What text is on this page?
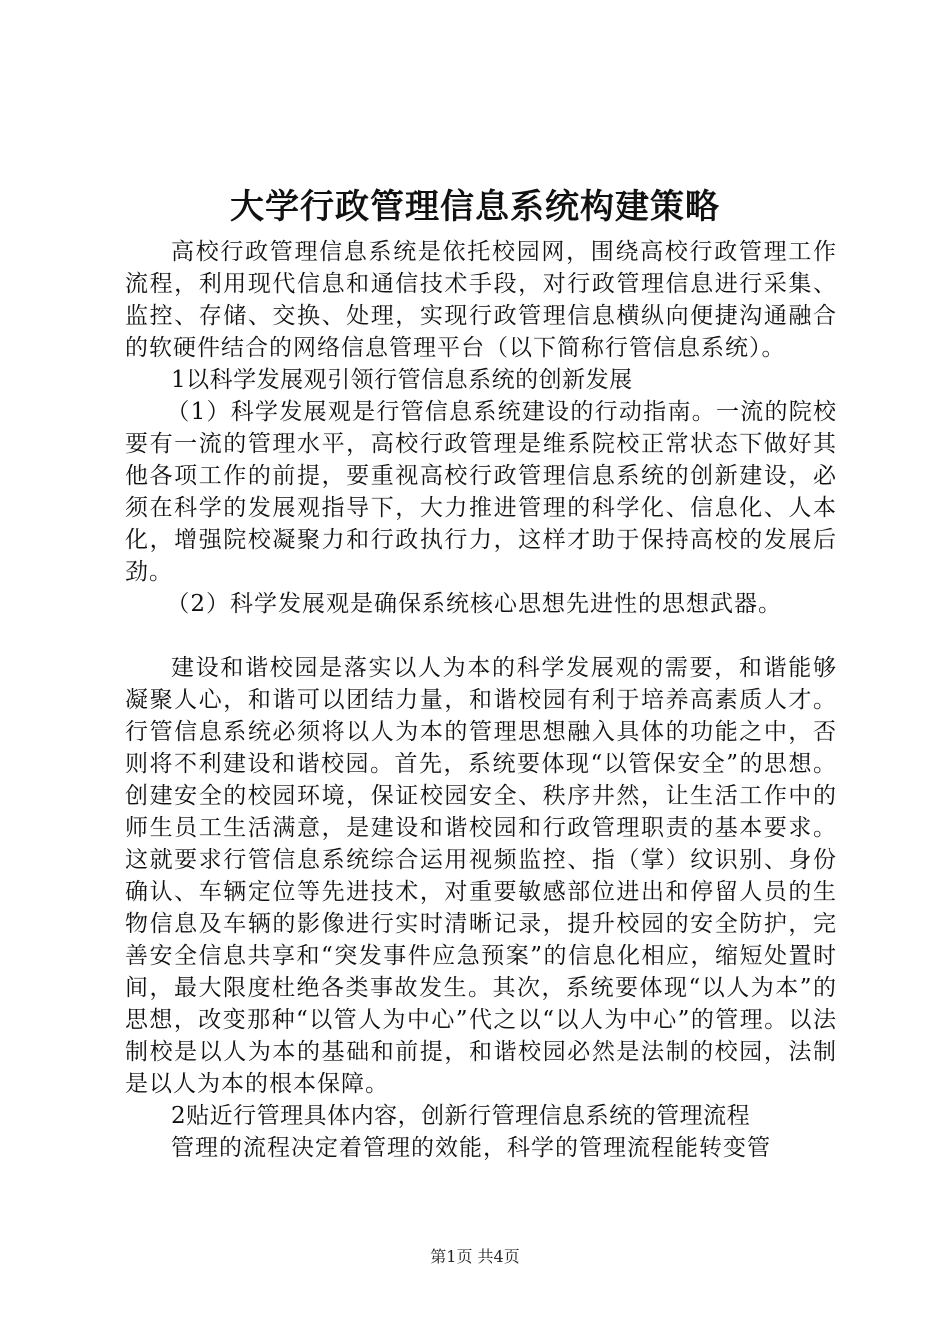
大学行政管理信息系统构建策略

高校行政管理信息系统是依托校园网，围绕高校行政管理工作流程，利用现代信息和通信技术手段，对行政管理信息进行采集、监控、存储、交换、处理，实现行政管理信息横纵向便捷沟通融合的软硬件结合的网络信息管理平台（以下简称行管信息系统）。

1以科学发展观引领行管信息系统的创新发展

（1）科学发展观是行管信息系统建设的行动指南。一流的院校要有一流的管理水平，高校行政管理是维系院校正常状态下做好其他各项工作的前提，要重视高校行政管理信息系统的创新建设，必须在科学的发展观指导下，大力推进管理的科学化、信息化、人本化，增强院校凝聚力和行政执行力，这样才助于保持高校的发展后劲。

（2）科学发展观是确保系统核心思想先进性的思想武器。

建设和谐校园是落实以人为本的科学发展观的需要，和谐能够凝聚人心，和谐可以团结力量，和谐校园有利于培养高素质人才。行管信息系统必须将以人为本的管理思想融入具体的功能之中，否则将不利建设和谐校园。首先，系统要体现“以管保安全”的思想。创建安全的校园环境，保证校园安全、秩序井然，让生活工作中的师生员工生活满意，是建设和谐校园和行政管理职责的基本要求。这就要求行管信息系统综合运用视频监控、指（掌）纹识别、身份确认、车辆定位等先进技术，对重要敏感部位进出和停留人员的生物信息及车辆的影像进行实时清晰记录，提升校园的安全防护，完善安全信息共享和“突发事件应急预案”的信息化相应，缩短处置时间，最大限度杜绝各类事故发生。其次，系统要体现“以人为本”的思想，改变那种“以管人为中心”代之以“以人为中心”的管理。以法制校是以人为本的基础和前提，和谐校园必然是法制的校园，法制是以人为本的根本保障。

2贴近行管理具体内容，创新行管理信息系统的管理流程

管理的流程决定着管理的效能，科学的管理流程能转变管

第1页 共4页
